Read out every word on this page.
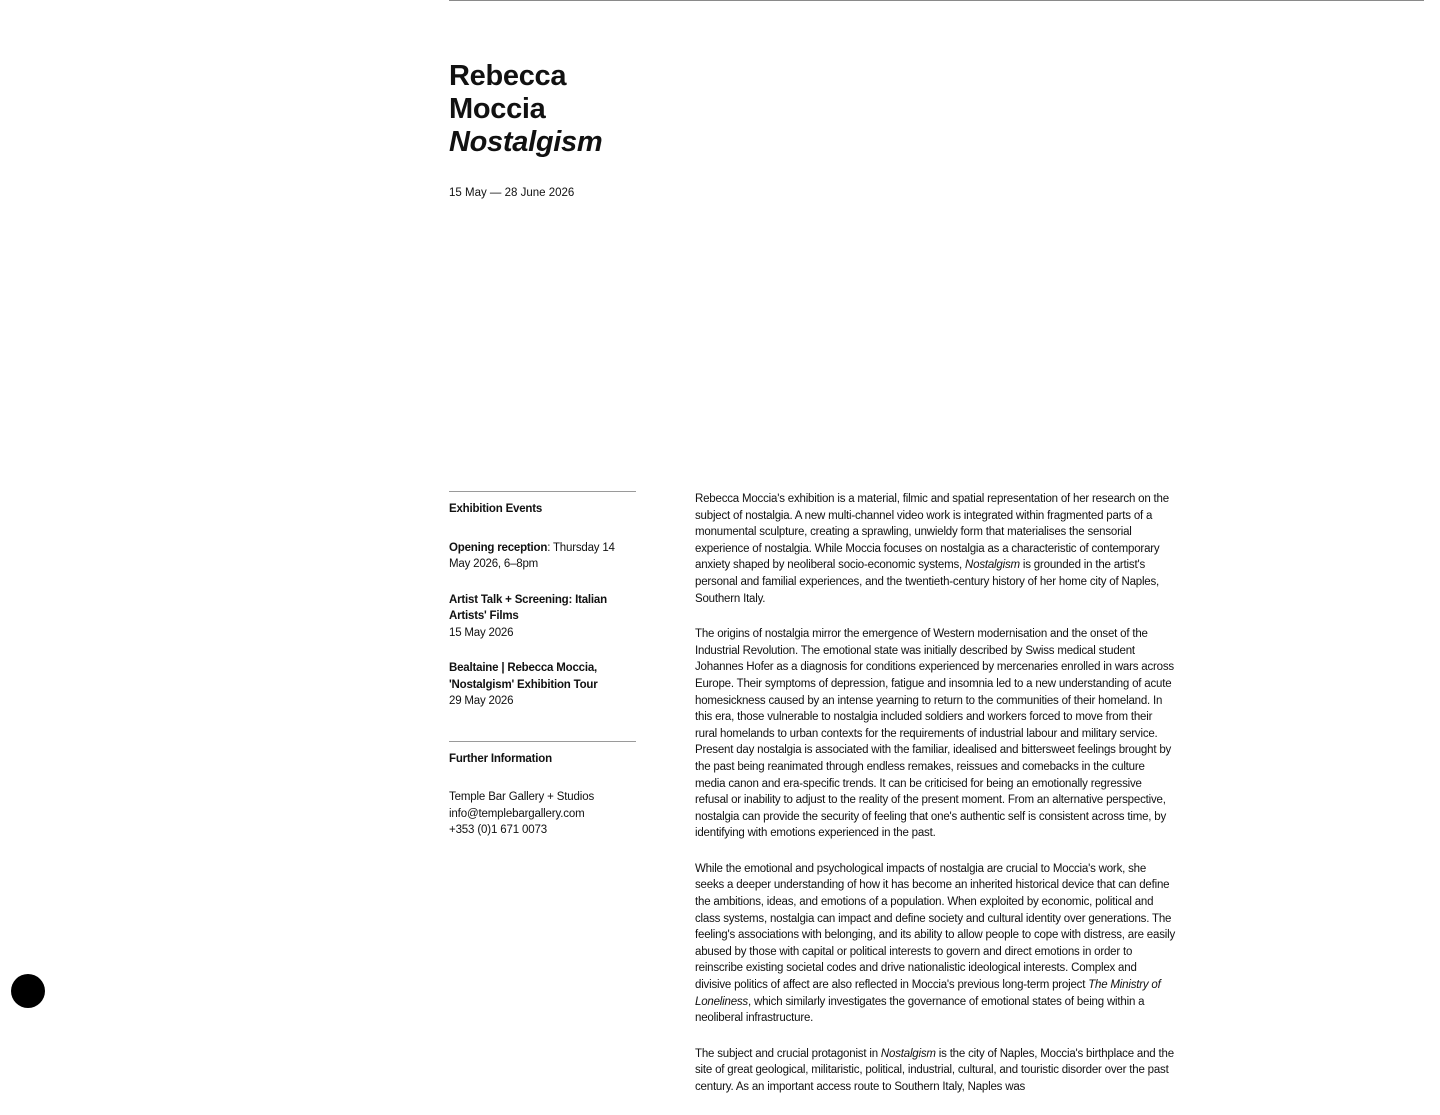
Rebecca
Moccia
Nostalgism
15 May — 28 June 2026
Exhibition Events
Opening reception: Thursday 14 May 2026, 6–8pm
Artist Talk + Screening: Italian Artists' Films
15 May 2026
Bealtaine | Rebecca Moccia, 'Nostalgism' Exhibition Tour
29 May 2026
Further Information
Temple Bar Gallery + Studios
info@templebargallery.com
+353 (0)1 671 0073

Rebecca Moccia's exhibition is a material, filmic and spatial representation of her research on the subject of nostalgia. A new multi-channel video work is integrated within fragmented parts of a monumental sculpture, creating a sprawling, unwieldy form that materialises the sensorial experience of nostalgia. While Moccia focuses on nostalgia as a characteristic of contemporary anxiety shaped by neoliberal socio-economic systems, Nostalgism is grounded in the artist's personal and familial experiences, and the twentieth-century history of her home city of Naples, Southern Italy.

The origins of nostalgia mirror the emergence of Western modernisation and the onset of the Industrial Revolution. The emotional state was initially described by Swiss medical student Johannes Hofer as a diagnosis for conditions experienced by mercenaries enrolled in wars across Europe. Their symptoms of depression, fatigue and insomnia led to a new understanding of acute homesickness caused by an intense yearning to return to the communities of their homeland. In this era, those vulnerable to nostalgia included soldiers and workers forced to move from their rural homelands to urban contexts for the requirements of industrial labour and military service. Present day nostalgia is associated with the familiar, idealised and bittersweet feelings brought by the past being reanimated through endless remakes, reissues and comebacks in the culture media canon and era-specific trends. It can be criticised for being an emotionally regressive refusal or inability to adjust to the reality of the present moment. From an alternative perspective, nostalgia can provide the security of feeling that one's authentic self is consistent across time, by identifying with emotions experienced in the past.

While the emotional and psychological impacts of nostalgia are crucial to Moccia's work, she seeks a deeper understanding of how it has become an inherited historical device that can define the ambitions, ideas, and emotions of a population. When exploited by economic, political and class systems, nostalgia can impact and define society and cultural identity over generations. The feeling's associations with belonging, and its ability to allow people to cope with distress, are easily abused by those with capital or political interests to govern and direct emotions in order to reinscribe existing societal codes and drive nationalistic ideological interests. Complex and divisive politics of affect are also reflected in Moccia's previous long-term project The Ministry of Loneliness, which similarly investigates the governance of emotional states of being within a neoliberal infrastructure.

The subject and crucial protagonist in Nostalgism is the city of Naples, Moccia's birthplace and the site of great geological, militaristic, political, industrial, cultural, and touristic disorder over the past century. As an important access route to Southern Italy, Naples was
